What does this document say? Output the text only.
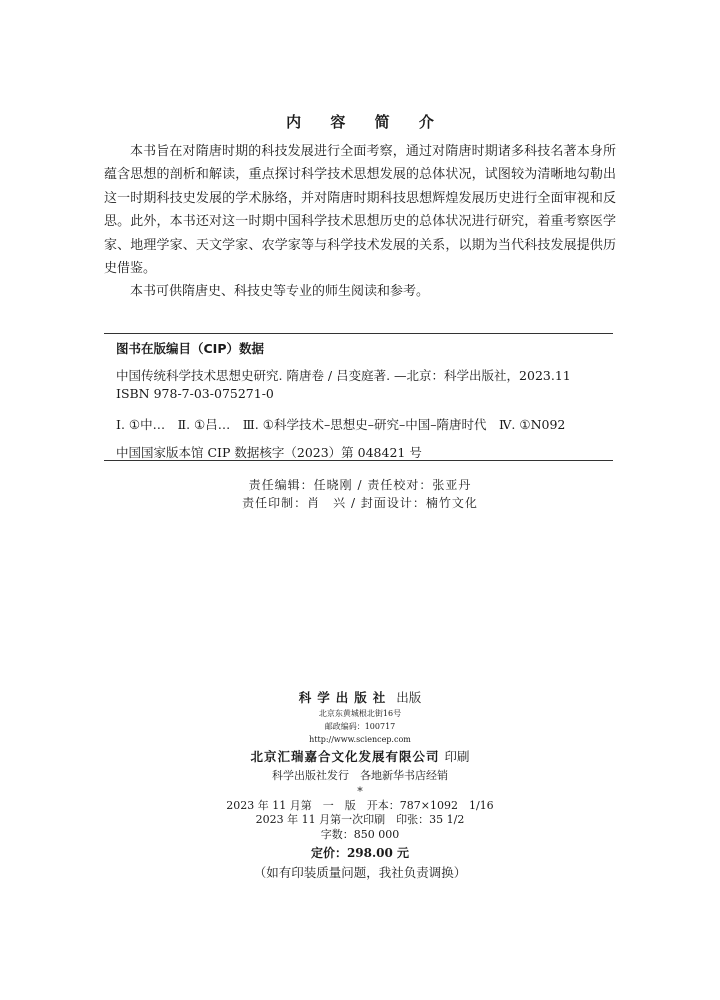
内 容 简 介

本书旨在对隋唐时期的科技发展进行全面考察，通过对隋唐时期诸多科技名著本身所蕴含思想的剖析和解读，重点探讨科学技术思想发展的总体状况，试图较为清晰地勾勒出这一时期科技史发展的学术脉络，并对隋唐时期科技思想辉煌发展历史进行全面审视和反思。此外，本书还对这一时期中国科学技术思想历史的总体状况进行研究，着重考察医学家、地理学家、天文学家、农学家等与科学技术发展的关系，以期为当代科技发展提供历史借鉴。

本书可供隋唐史、科技史等专业的师生阅读和参考。

图书在版编目（CIP）数据
中国传统科学技术思想史研究. 隋唐卷 / 吕变庭著. —北京：科学出版社，2023.11
ISBN 978-7-03-075271-0
Ⅰ. ①中…　Ⅱ. ①吕…　Ⅲ. ①科学技术–思想史–研究–中国–隋唐时代　Ⅳ. ①N092
中国国家版本馆 CIP 数据核字（2023）第 048421 号
责任编辑：任晓刚 / 责任校对：张亚丹
责任印制：肖　兴 / 封面设计：楠竹文化
科学出版社 出版
北京东黄城根北街16号
邮政编码：100717
http://www.sciencep.com
北京汇瑞嘉合文化发展有限公司 印刷
科学出版社发行　各地新华书店经销
*
2023 年 11 月第　一　版　开本：787×1092　1/16
2023 年 11 月第一次印刷　印张：35 1/2
字数：850 000
定价：298.00 元
（如有印装质量问题，我社负责调换）
